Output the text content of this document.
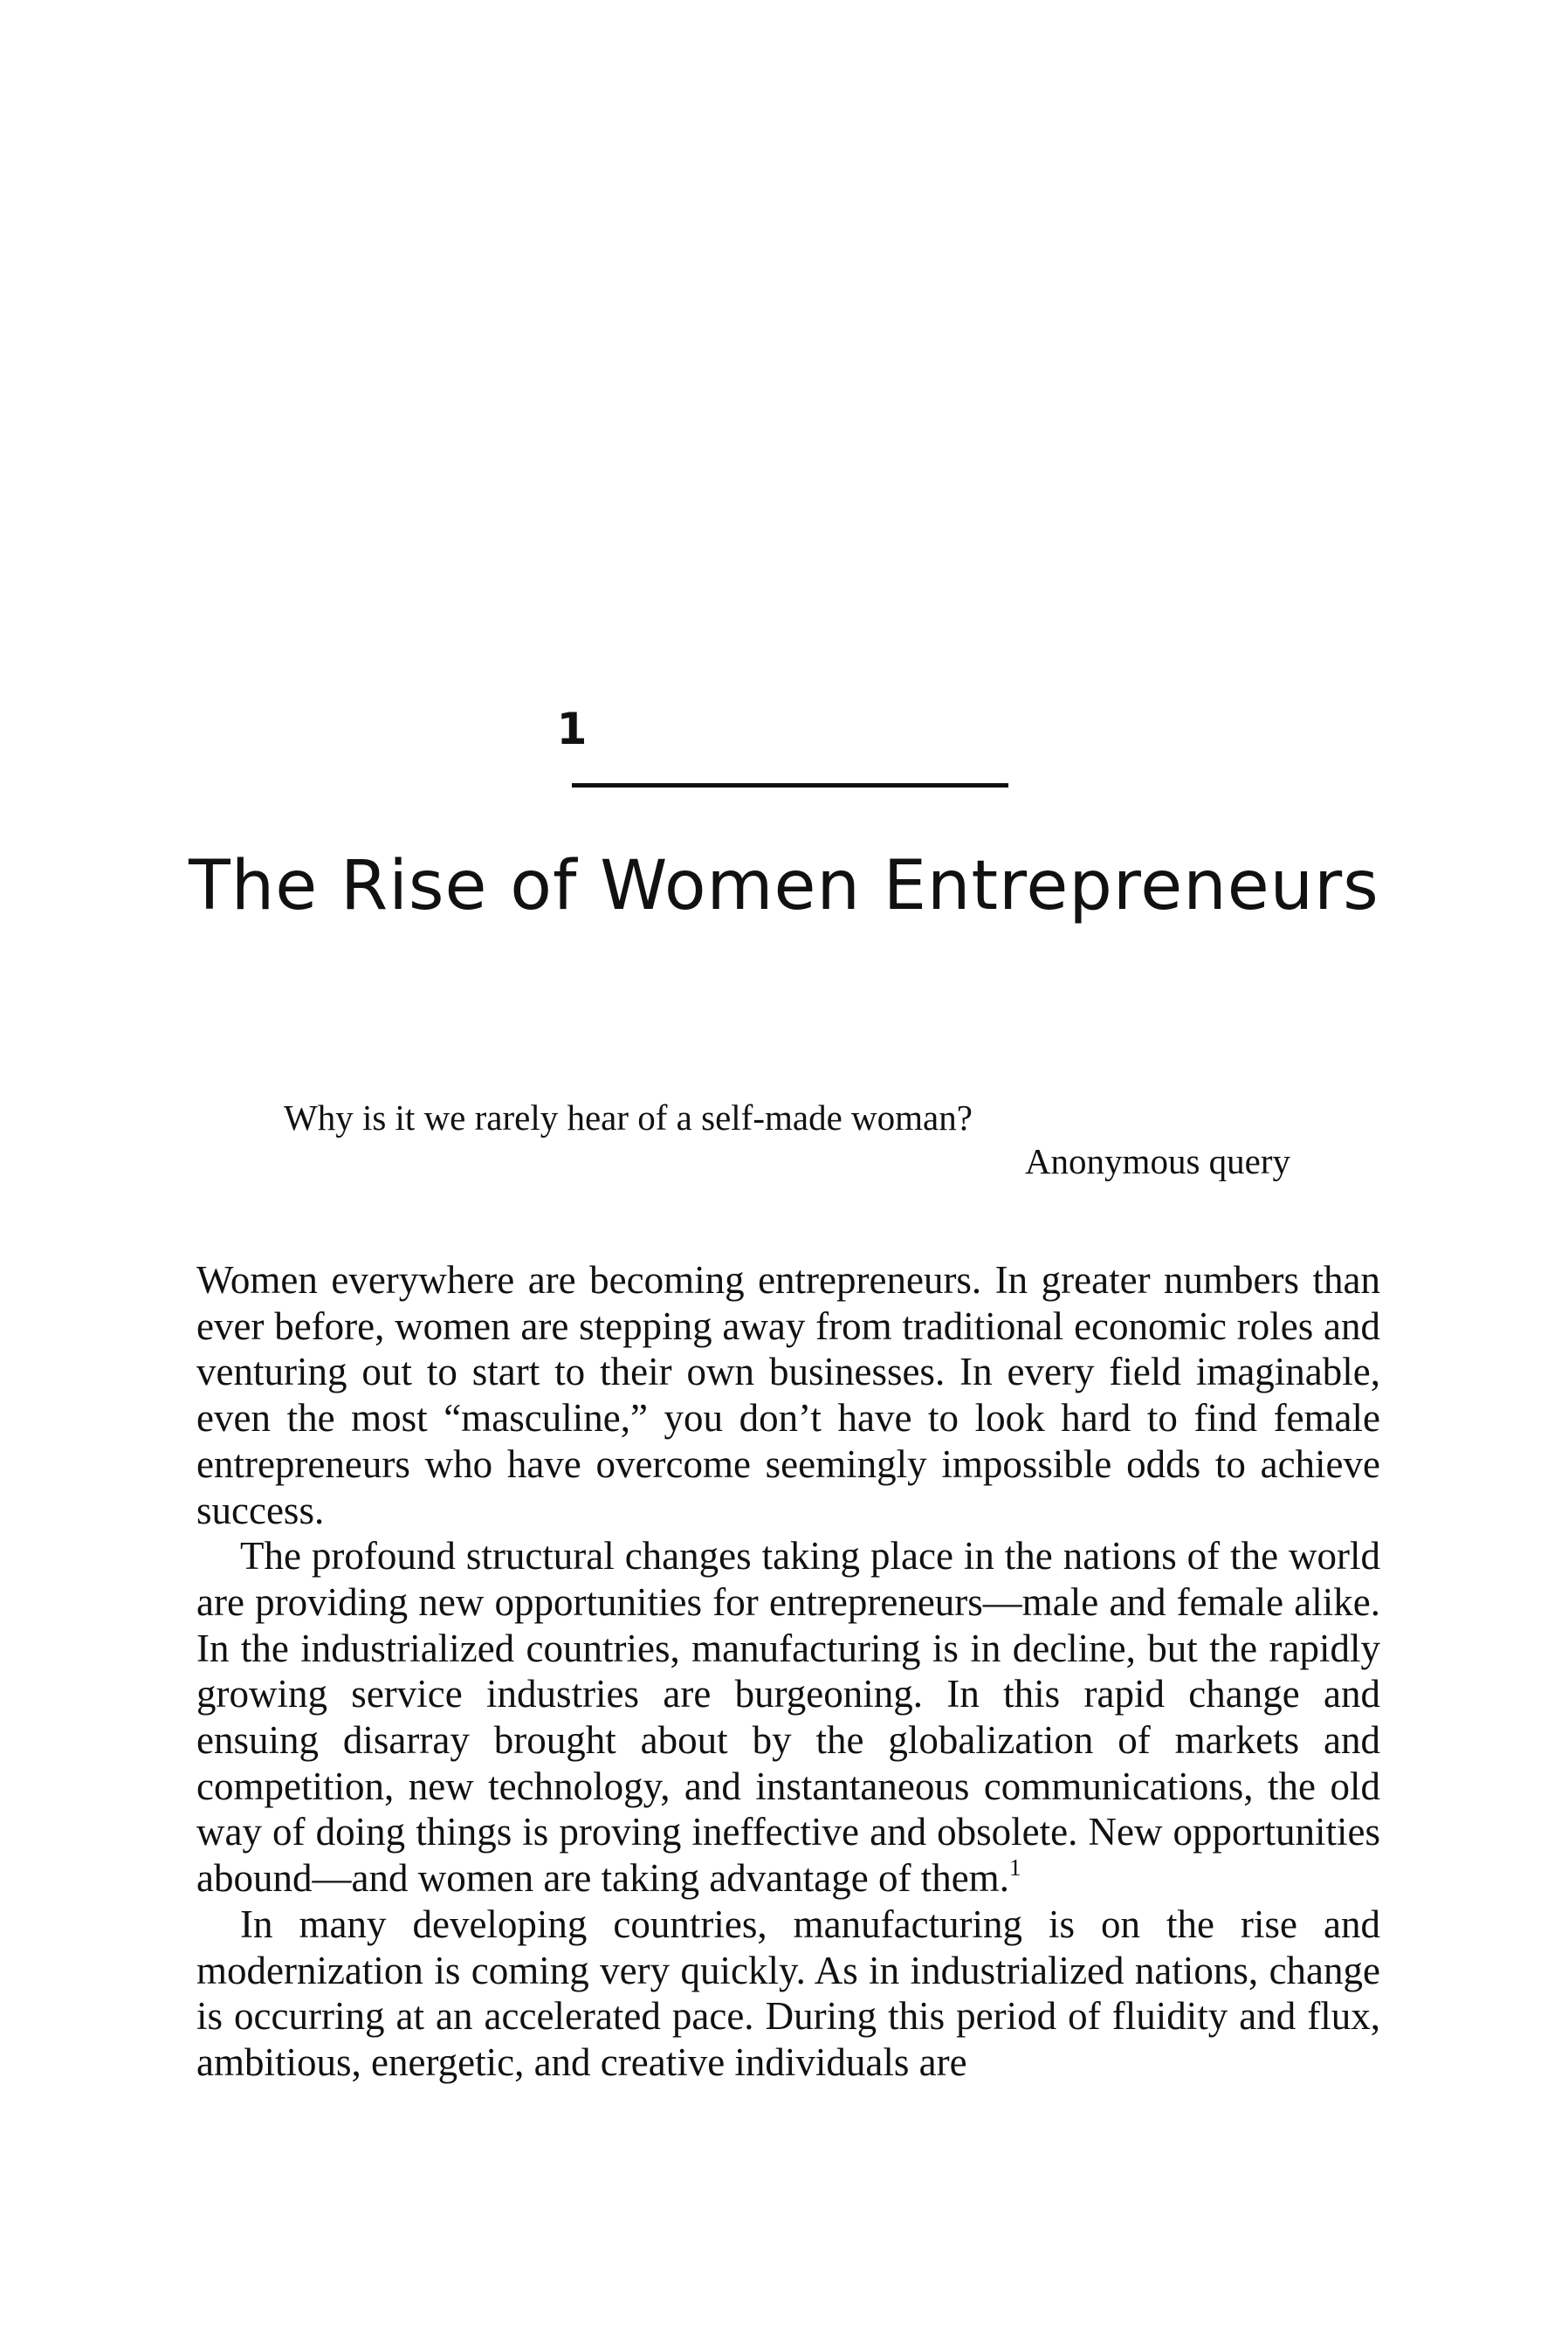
1
The Rise of Women Entrepreneurs
Why is it we rarely hear of a self-made woman?
Anonymous query

Women everywhere are becoming entrepreneurs. In greater numbers than ever before, women are stepping away from traditional economic roles and venturing out to start to their own businesses. In every field imaginable, even the most “masculine,” you don’t have to look hard to find female entrepreneurs who have overcome seemingly impossible odds to achieve success.

The profound structural changes taking place in the nations of the world are providing new opportunities for entrepreneurs—male and female alike. In the industrialized countries, manufacturing is in decline, but the rapidly growing service industries are burgeoning. In this rapid change and ensuing disarray brought about by the globalization of markets and competition, new technology, and instantaneous communications, the old way of doing things is proving ineffective and obsolete. New opportunities abound—and women are taking advantage of them.$^1$

In many developing countries, manufacturing is on the rise and modernization is coming very quickly. As in industrialized nations, change is occurring at an accelerated pace. During this period of fluidity and flux, ambitious, energetic, and creative individuals are
